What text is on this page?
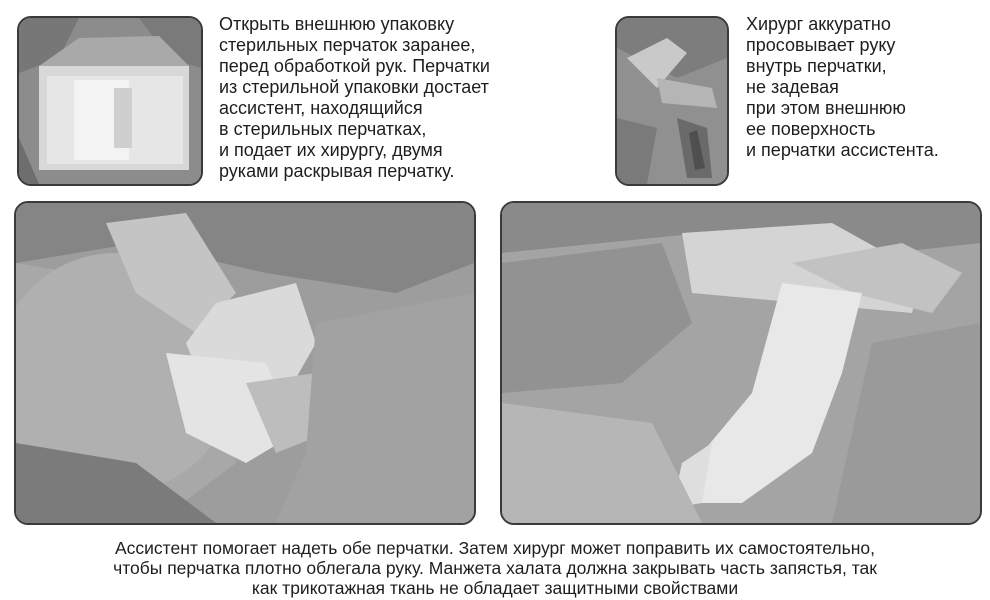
Открыть внешнюю упаковку
стерильных перчаток заранее,
перед обработкой рук. Перчатки
из стерильной упаковки достает
ассистент, находящийся
в стерильных перчатках,
и подает их хирургу, двумя
руками раскрывая перчатку.
Хирург аккуратно
просовывает руку
внутрь перчатки,
не задевая
при этом внешнюю
ее поверхность
и перчатки ассистента.
Ассистент помогает надеть обе перчатки. Затем хирург может поправить их самостоятельно,
чтобы перчатка плотно облегала руку. Манжета халата должна закрывать часть запястья, так
как трикотажная ткань не обладает защитными свойствами
